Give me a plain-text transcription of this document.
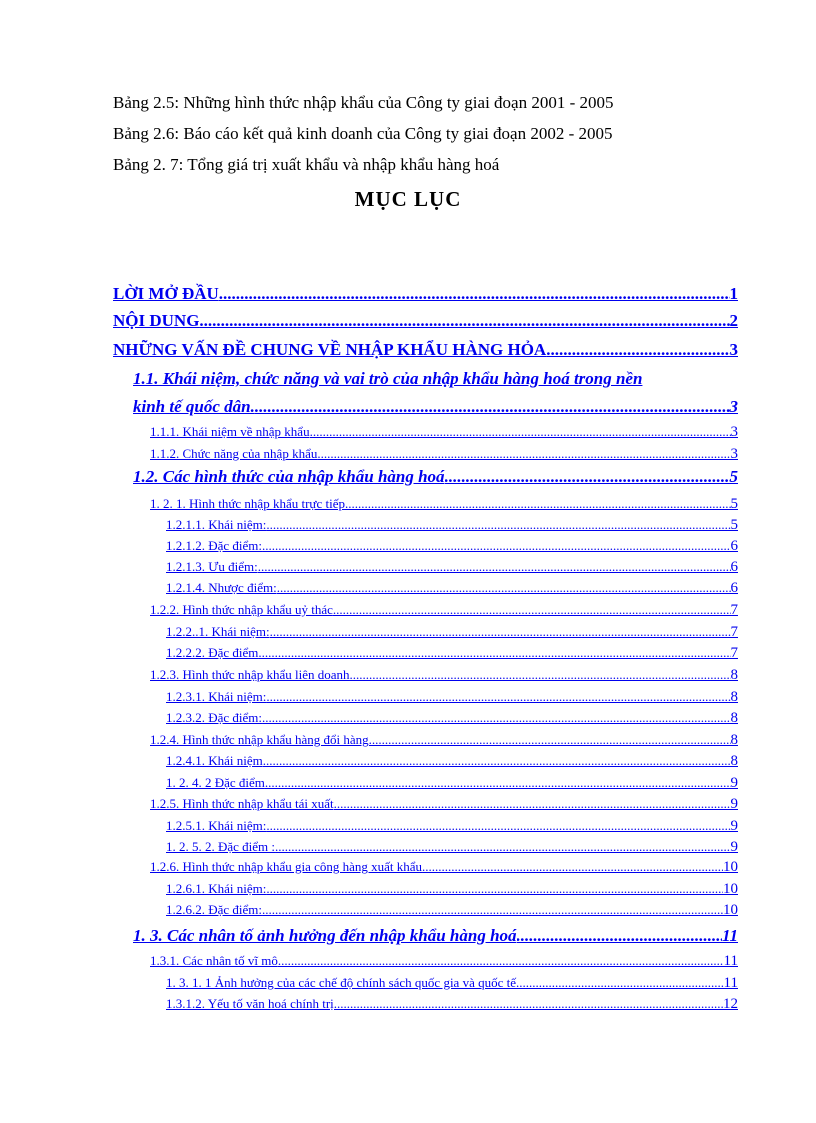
Bảng 2.5: Những hình thức nhập khẩu của Công ty giai đoạn 2001 - 2005
Bảng 2.6: Báo cáo kết quả kinh doanh của Công ty giai đoạn 2002 - 2005
Bảng 2. 7: Tổng giá trị xuất khẩu và nhập khẩu hàng hoá
MỤC LỤC
LỜI MỞ ĐẦU .....	1
NỘI DUNG .....	2
NHỮNG VẤN ĐỀ CHUNG VỀ NHẬP KHẨU HÀNG HỎA .....	3
1.1. Khái niệm, chức năng và vai trò của nhập khẩu hàng hoá trong nền
kinh tế quốc dân. .....	3
1.1.1. Khái niệm về nhập khẩu .....	3
1.1.2. Chức năng của nhập khẩu .....	3
1.2. Các hình thức của nhập khẩu hàng hoá .....	5
1. 2. 1. Hình thức nhập khẩu trực tiếp .....	5
1.2.1.1. Khái niệm: .....	5
1.2.1.2. Đặc điểm: .....	6
1.2.1.3. Ưu điểm: .....	6
1.2.1.4. Nhược điểm: .....	6
1.2.2. Hình thức nhập khẩu uỷ thác .....	7
1.2.2..1. Khái niệm: .....	7
1.2.2.2. Đặc điểm .....	7
1.2.3. Hình thức nhập khẩu liên doanh .....	8
1.2.3.1. Khái niệm: .....	8
1.2.3.2. Đặc điểm: .....	8
1.2.4. Hình thức nhập khẩu hàng đổi hàng .....	8
1.2.4.1. Khái niệm .....	8
1. 2. 4. 2 Đặc điểm .....	9
1.2.5. Hình thức nhập khẩu tái xuất .....	9
1.2.5.1. Khái niệm: .....	9
1. 2. 5. 2. Đặc điểm : .....	9
1.2.6. Hình thức nhập khẩu gia công hàng xuất khẩu .....	10
1.2.6.1. Khái niệm: .....	10
1.2.6.2. Đặc điểm: .....	10
1. 3. Các nhân tố ảnh hưởng đến nhập khẩu hàng hoá .....	11
1.3.1. Các nhân tố vĩ mô .....	11
1. 3. 1. 1 Ảnh hưởng của các chế độ chính sách quốc gia và quốc tế .....	11
1.3.1.2. Yếu tố văn hoá chính trị .....	12
